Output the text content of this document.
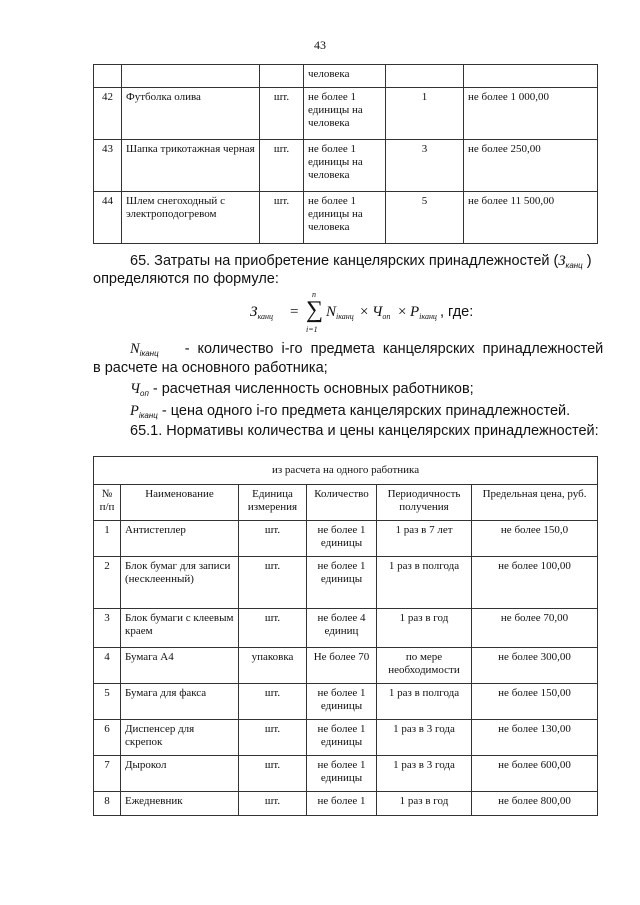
43
			человека		
42	Футболка олива	шт.	не более 1 единицы на человека	1	не более 1 000,00
43	Шапка трикотажная черная	шт.	не более 1 единицы на человека	3	не более 250,00
44	Шлем снегоходный с электроподогревом	шт.	не более 1 единицы на человека	5	не более 11 500,00
65. Затраты на приобретение канцелярских принадлежностей ($З_{канц}$ )
определяются по формуле:
$З_{канц}$ =
n
∑
i=1
$N_{iканц} \times Ч_{оп} \times P_{iканц}$ , где:
$N_{iканц}$ - количество i-го предмета канцелярских принадлежностей
в расчете на основного работника;
$Ч_{оп}$ - расчетная численность основных работников;
$P_{iканц}$ - цена одного i-го предмета канцелярских принадлежностей.
65.1. Нормативы количества и цены канцелярских принадлежностей:
из расчета на одного работника					
№ п/п	Наименование	Единица измерения	Количество	Периодичность получения	Предельная цена, руб.
1	Антистеплер	шт.	не более 1 единицы	1 раз в 7 лет	не более 150,0
2	Блок бумаг для записи (несклеенный)	шт.	не более 1 единицы	1 раз в полгода	не более 100,00
3	Блок бумаги с клеевым краем	шт.	не более 4 единиц	1 раз в год	не более 70,00
4	Бумага А4	упаковка	Не более 70	по мере необходимости	не более 300,00
5	Бумага для факса	шт.	не более 1 единицы	1 раз в полгода	не более 150,00
6	Диспенсер для скрепок	шт.	не более 1 единицы	1 раз в 3 года	не более 130,00
7	Дырокол	шт.	не более 1 единицы	1 раз в 3 года	не более 600,00
8	Ежедневник	шт.	не более 1	1 раз в год	не более 800,00
